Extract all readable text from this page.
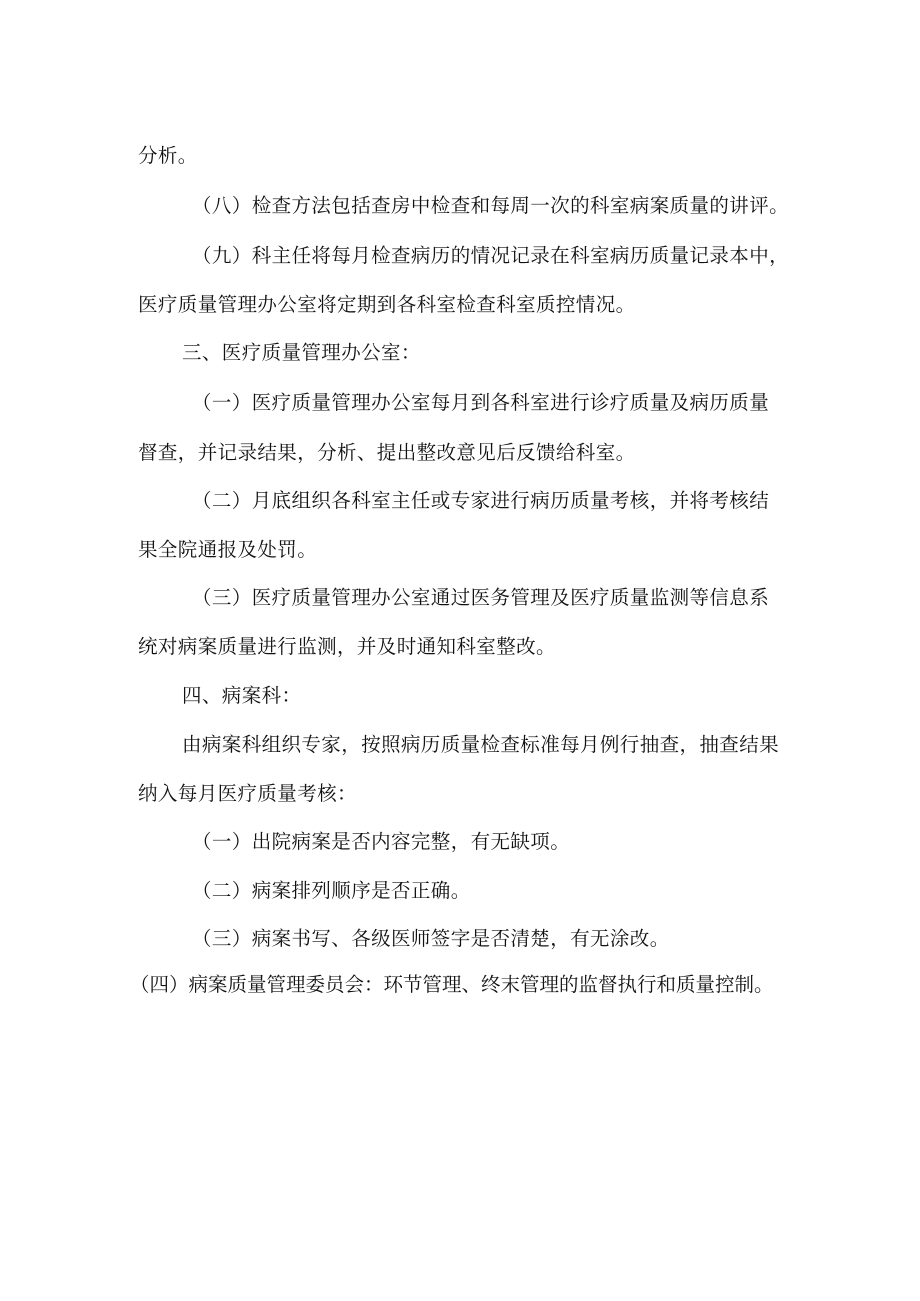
分析。
（八）检查方法包括查房中检查和每周一次的科室病案质量的讲评。
（九）科主任将每月检查病历的情况记录在科室病历质量记录本中，
医疗质量管理办公室将定期到各科室检查科室质控情况。
三、医疗质量管理办公室：
（一）医疗质量管理办公室每月到各科室进行诊疗质量及病历质量
督查，并记录结果，分析、提出整改意见后反馈给科室。
（二）月底组织各科室主任或专家进行病历质量考核，并将考核结
果全院通报及处罚。
（三）医疗质量管理办公室通过医务管理及医疗质量监测等信息系
统对病案质量进行监测，并及时通知科室整改。
四、病案科：
由病案科组织专家，按照病历质量检查标准每月例行抽查，抽查结果
纳入每月医疗质量考核：
（一）出院病案是否内容完整，有无缺项。
（二）病案排列顺序是否正确。
（三）病案书写、各级医师签字是否清楚，有无涂改。
（四）病案质量管理委员会：环节管理、终末管理的监督执行和质量控制。
